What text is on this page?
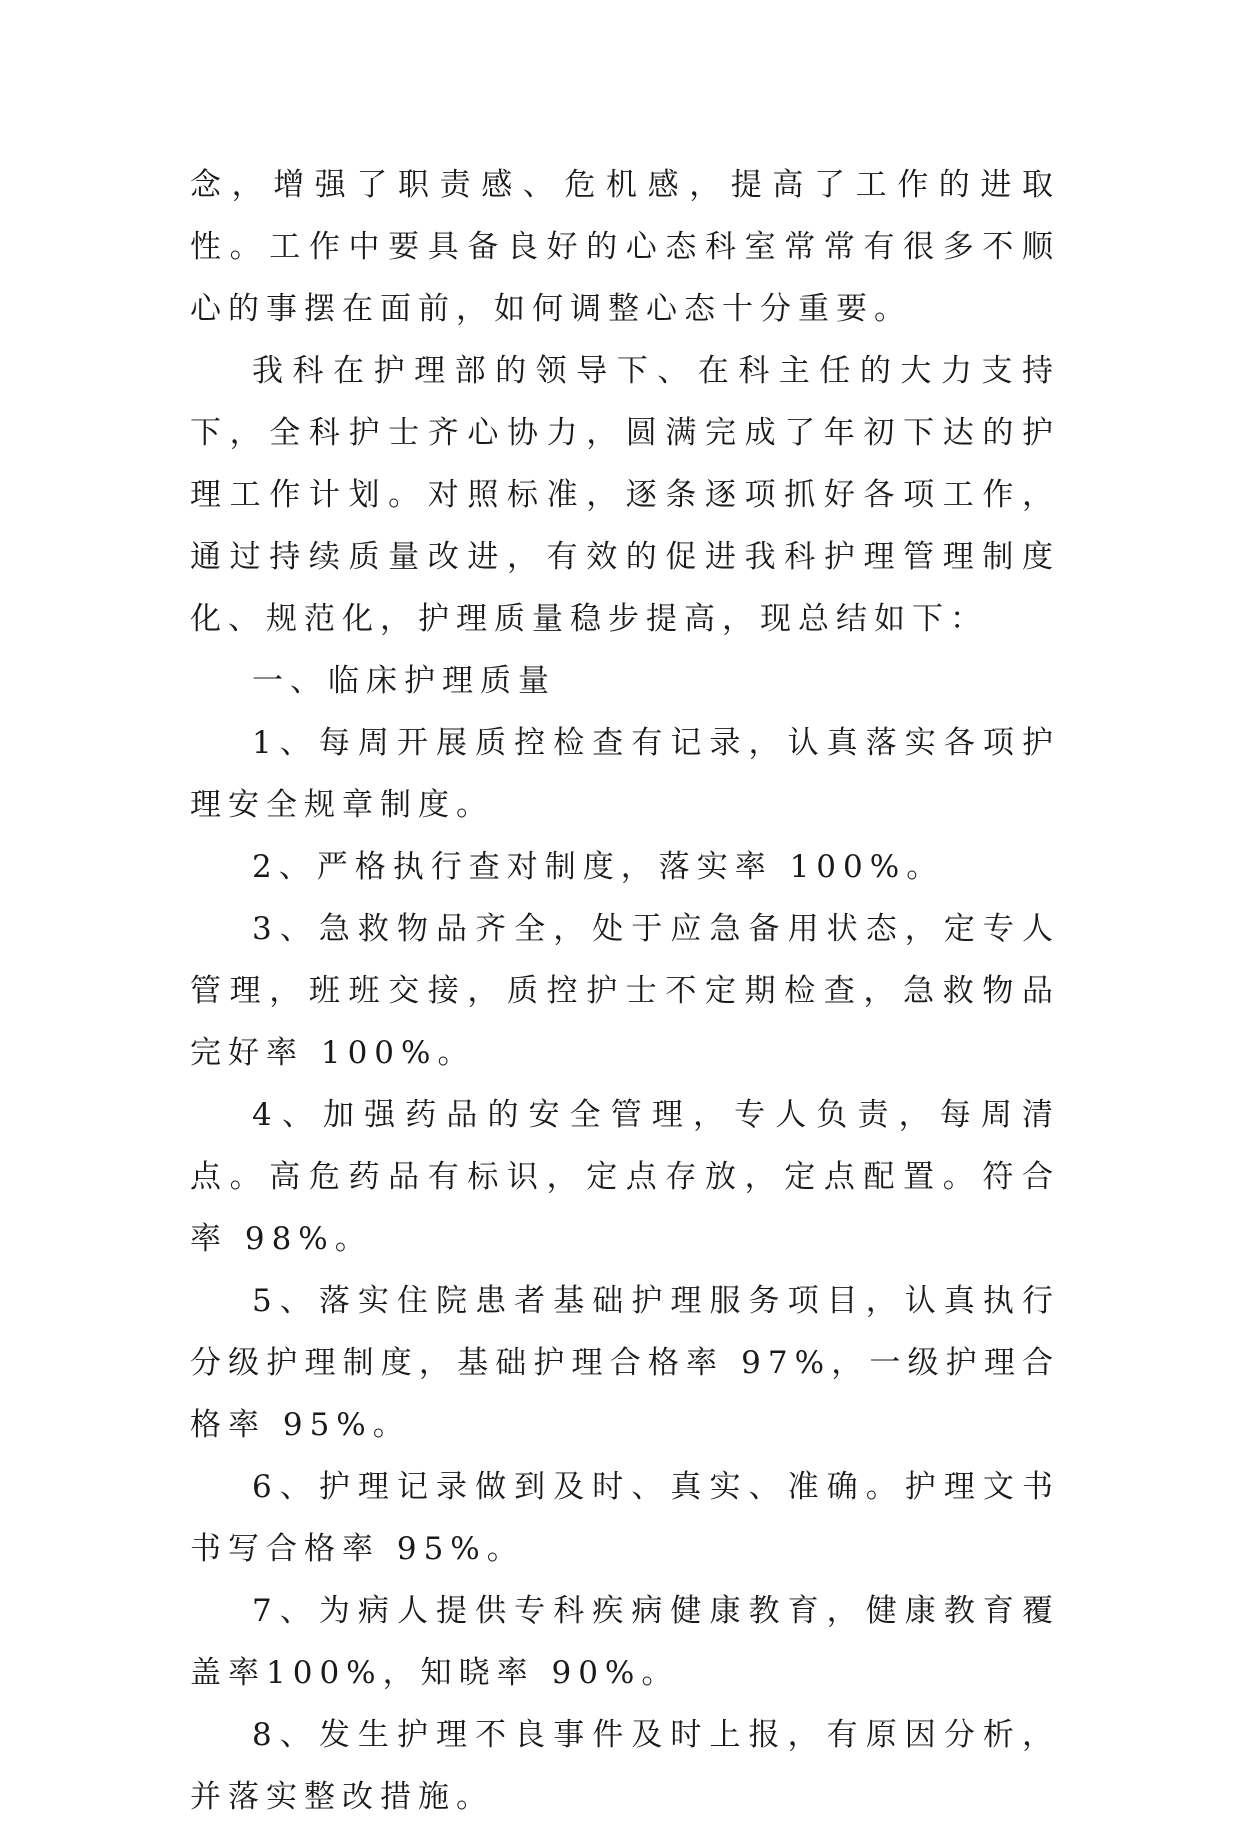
念，增强了职责感、危机感，提高了工作的进取性。工作中要具备良好的心态科室常常有很多不顺心的事摆在面前，如何调整心态十分重要。

我科在护理部的领导下、在科主任的大力支持下，全科护士齐心协力，圆满完成了年初下达的护理工作计划。对照标准，逐条逐项抓好各项工作，通过持续质量改进，有效的促进我科护理管理制度化、规范化，护理质量稳步提高，现总结如下：

一、临床护理质量

1、每周开展质控检查有记录，认真落实各项护理安全规章制度。

2、严格执行查对制度，落实率 100%。

3、急救物品齐全，处于应急备用状态，定专人管理，班班交接，质控护士不定期检查，急救物品完好率 100%。

4、加强药品的安全管理，专人负责，每周清点。高危药品有标识，定点存放，定点配置。符合率 98%。

5、落实住院患者基础护理服务项目，认真执行分级护理制度，基础护理合格率 97%，一级护理合格率 95%。

6、护理记录做到及时、真实、准确。护理文书书写合格率 95%。

7、为病人提供专科疾病健康教育，健康教育覆盖率100%，知晓率 90%。

8、发生护理不良事件及时上报，有原因分析，并落实整改措施。
